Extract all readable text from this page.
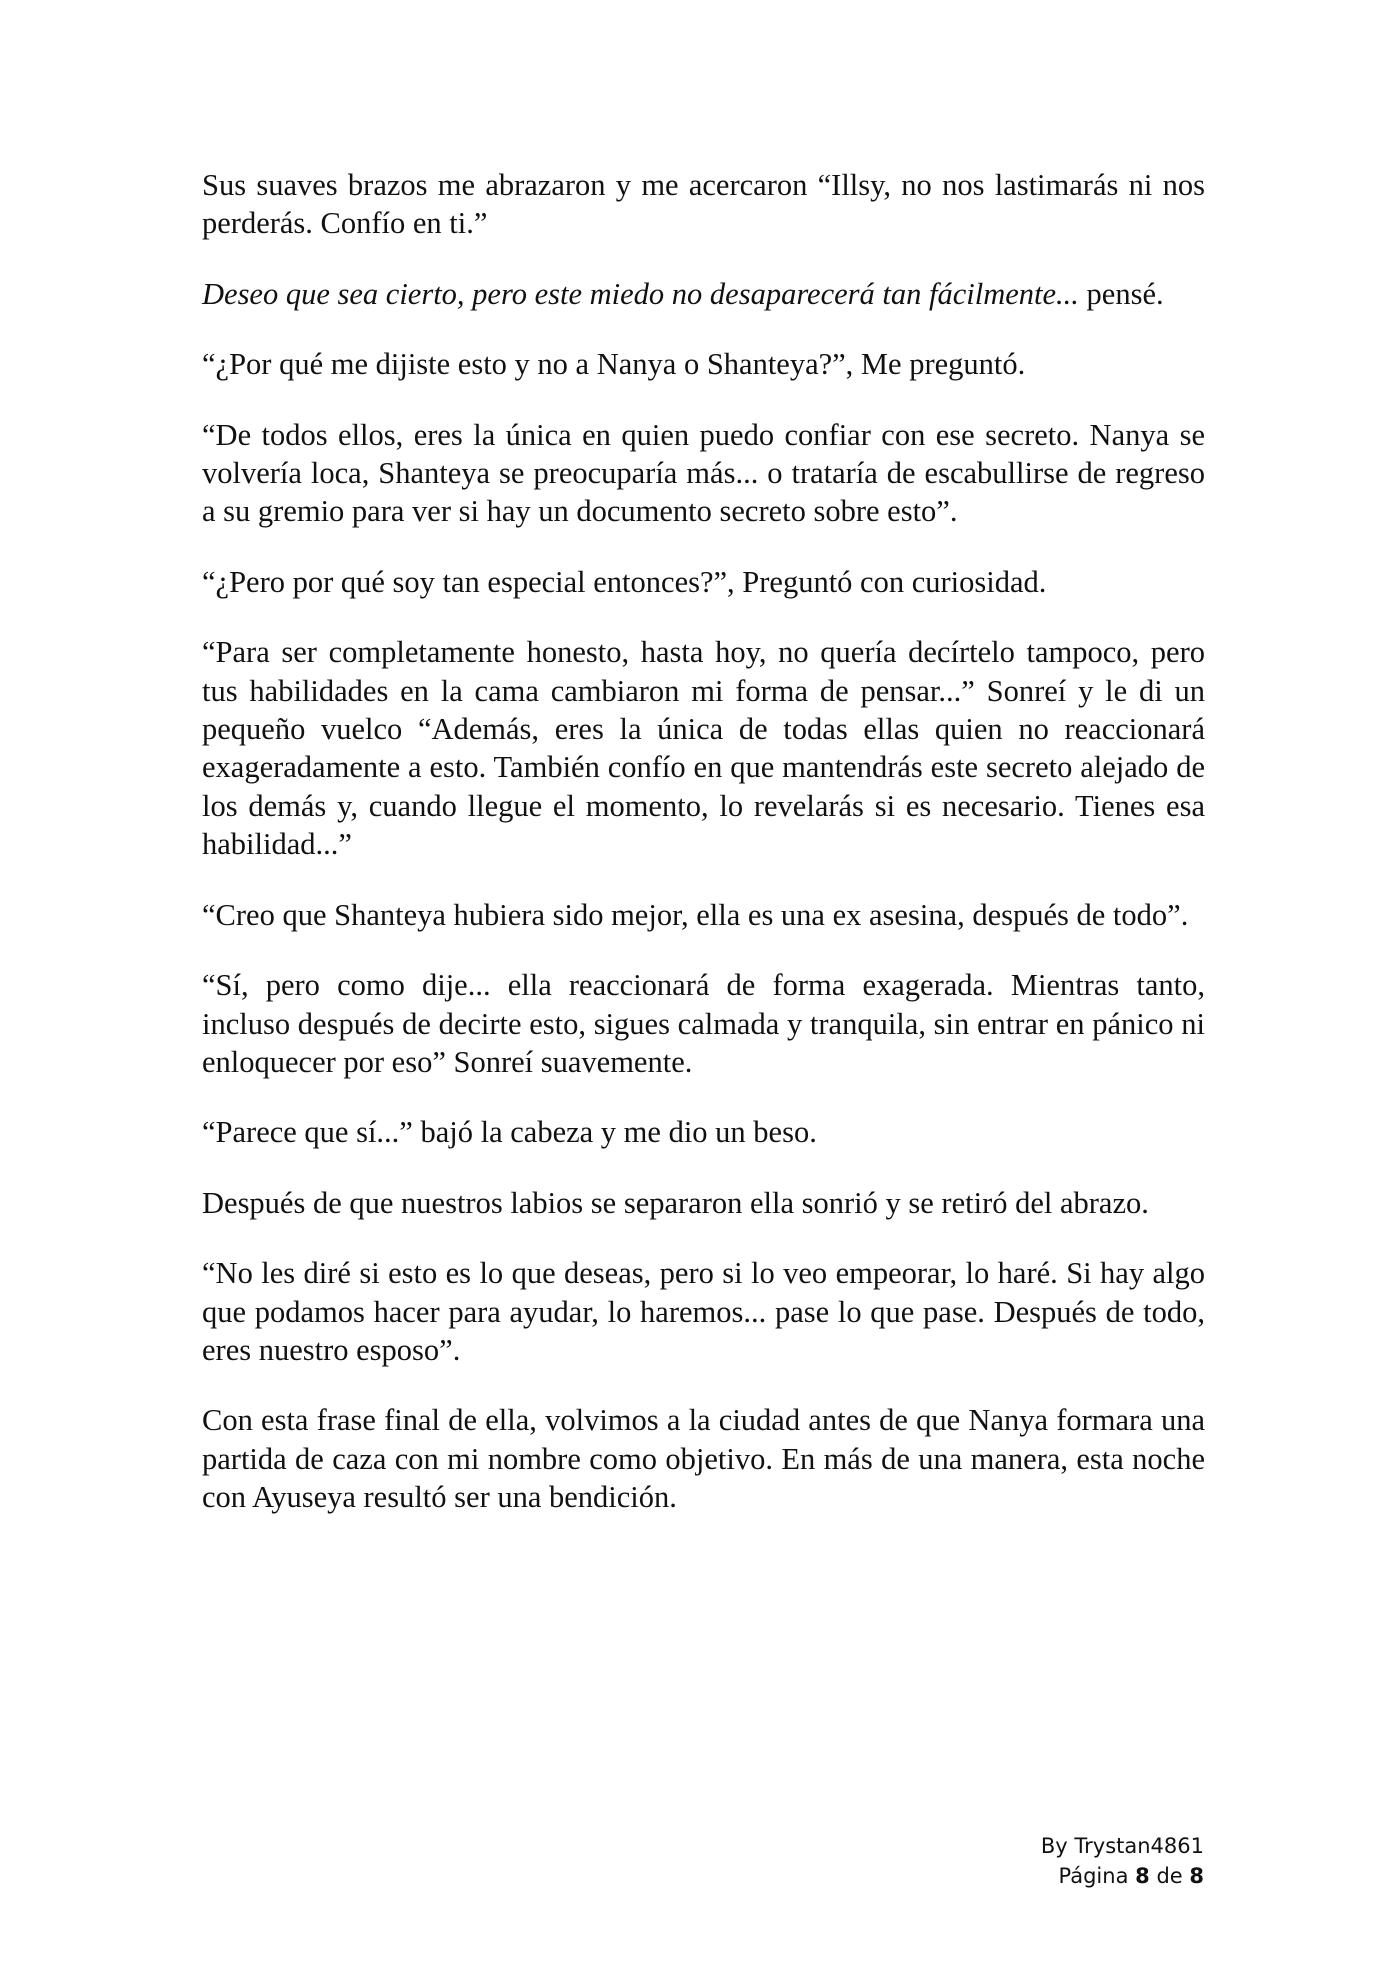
Sus suaves brazos me abrazaron y me acercaron “Illsy, no nos lastimarás ni nos perderás. Confío en ti.”

Deseo que sea cierto, pero este miedo no desaparecerá tan fácilmente... pensé.

“¿Por qué me dijiste esto y no a Nanya o Shanteya?”, Me preguntó.

“De todos ellos, eres la única en quien puedo confiar con ese secreto. Nanya se volvería loca, Shanteya se preocuparía más... o trataría de escabullirse de regreso a su gremio para ver si hay un documento secreto sobre esto”.

“¿Pero por qué soy tan especial entonces?”, Preguntó con curiosidad.

“Para ser completamente honesto, hasta hoy, no quería decírtelo tampoco, pero tus habilidades en la cama cambiaron mi forma de pensar...” Sonreí y le di un pequeño vuelco “Además, eres la única de todas ellas quien no reaccionará exageradamente a esto. También confío en que mantendrás este secreto alejado de los demás y, cuando llegue el momento, lo revelarás si es necesario. Tienes esa habilidad...”

“Creo que Shanteya hubiera sido mejor, ella es una ex asesina, después de todo”.

“Sí, pero como dije... ella reaccionará de forma exagerada. Mientras tanto, incluso después de decirte esto, sigues calmada y tranquila, sin entrar en pánico ni enloquecer por eso” Sonreí suavemente.

“Parece que sí...” bajó la cabeza y me dio un beso.

Después de que nuestros labios se separaron ella sonrió y se retiró del abrazo.

“No les diré si esto es lo que deseas, pero si lo veo empeorar, lo haré. Si hay algo que podamos hacer para ayudar, lo haremos... pase lo que pase. Después de todo, eres nuestro esposo”.

Con esta frase final de ella, volvimos a la ciudad antes de que Nanya formara una partida de caza con mi nombre como objetivo. En más de una manera, esta noche con Ayuseya resultó ser una bendición.

By Trystan4861
Página 8 de 8
